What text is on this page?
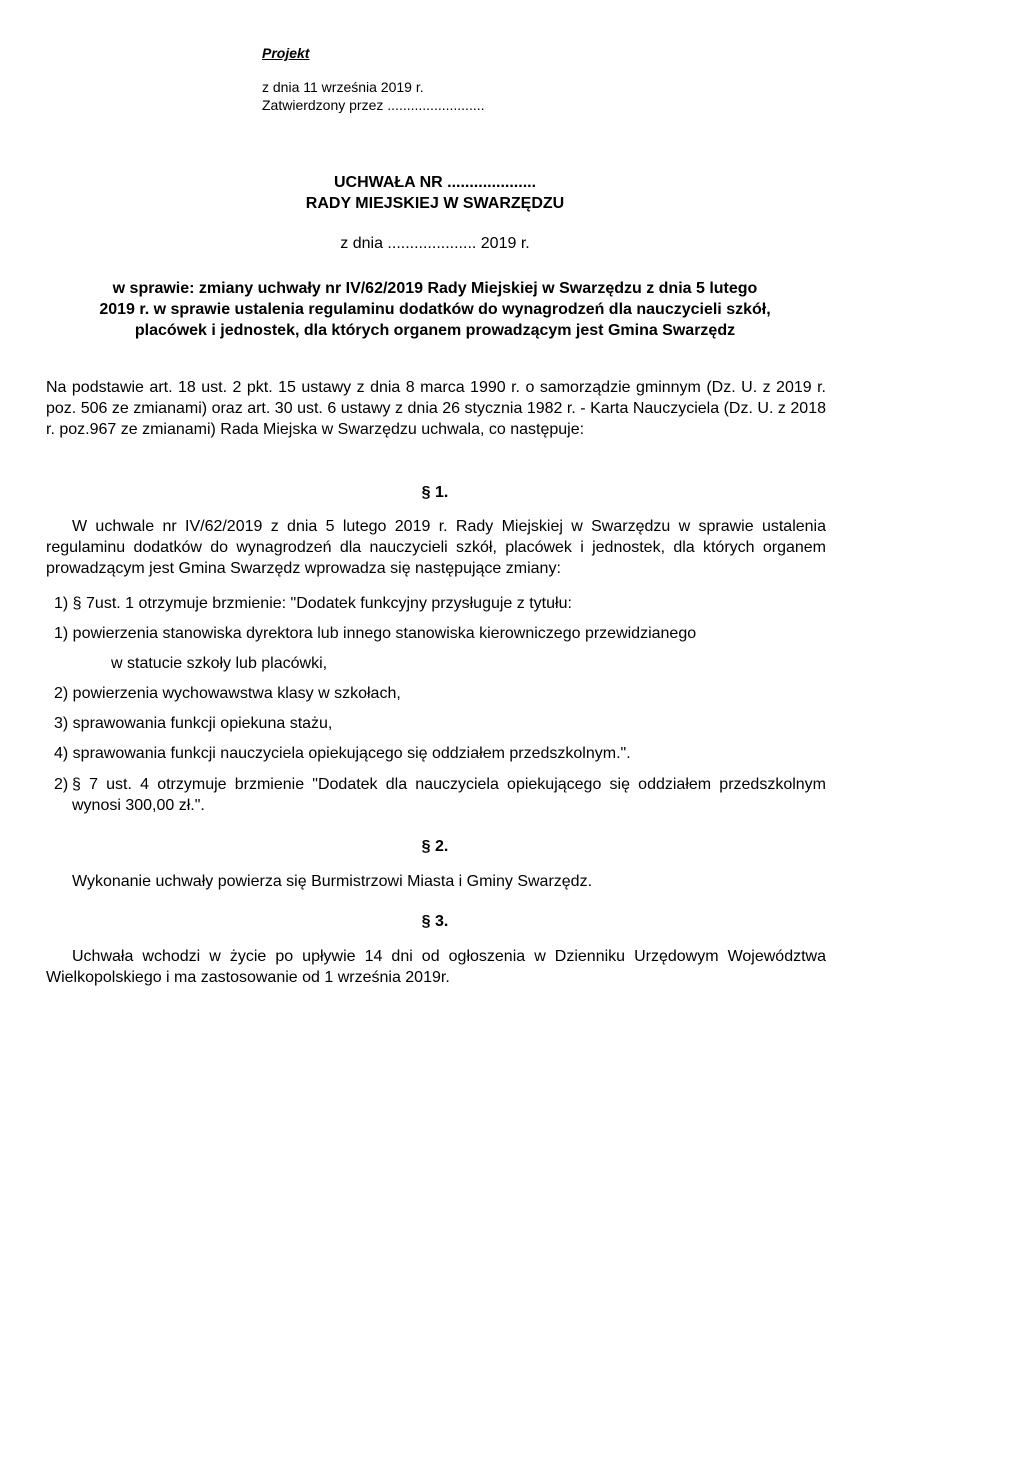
Projekt
z dnia 11 września 2019 r.
Zatwierdzony przez .........................
UCHWAŁA NR ....................
RADY MIEJSKIEJ W SWARZĘDZU
z dnia .................... 2019 r.
w sprawie: zmiany uchwały nr IV/62/2019 Rady Miejskiej w Swarzędzu z dnia 5 lutego
2019 r. w sprawie ustalenia regulaminu dodatków do wynagrodzeń dla nauczycieli szkół,
placówek i jednostek, dla których organem prowadzącym jest Gmina Swarzędz
Na podstawie art. 18 ust. 2 pkt. 15 ustawy z dnia 8 marca 1990 r. o samorządzie gminnym (Dz. U. z 2019 r. poz. 506 ze zmianami) oraz art. 30 ust. 6 ustawy z dnia 26 stycznia 1982 r. - Karta Nauczyciela (Dz. U. z 2018 r. poz.967 ze zmianami) Rada Miejska w Swarzędzu uchwala, co następuje:
§ 1.
W uchwale nr IV/62/2019 z dnia 5 lutego 2019 r. Rady Miejskiej w Swarzędzu w sprawie ustalenia regulaminu dodatków do wynagrodzeń dla nauczycieli szkół, placówek i jednostek, dla których organem prowadzącym jest Gmina Swarzędz wprowadza się następujące zmiany:
1) § 7ust. 1 otrzymuje brzmienie: "Dodatek funkcyjny przysługuje z tytułu:
1) powierzenia stanowiska dyrektora lub innego stanowiska kierowniczego przewidzianego
w statucie szkoły lub placówki,
2) powierzenia wychowawstwa klasy w szkołach,
3) sprawowania funkcji opiekuna stażu,
4) sprawowania funkcji nauczyciela opiekującego się oddziałem przedszkolnym.".
2) § 7 ust. 4 otrzymuje brzmienie "Dodatek dla nauczyciela opiekującego się oddziałem przedszkolnym wynosi 300,00 zł.".
§ 2.
Wykonanie uchwały powierza się Burmistrzowi Miasta i Gminy Swarzędz.
§ 3.
Uchwała wchodzi w życie po upływie 14 dni od ogłoszenia w Dzienniku Urzędowym Województwa Wielkopolskiego i ma zastosowanie od 1 września 2019r.
